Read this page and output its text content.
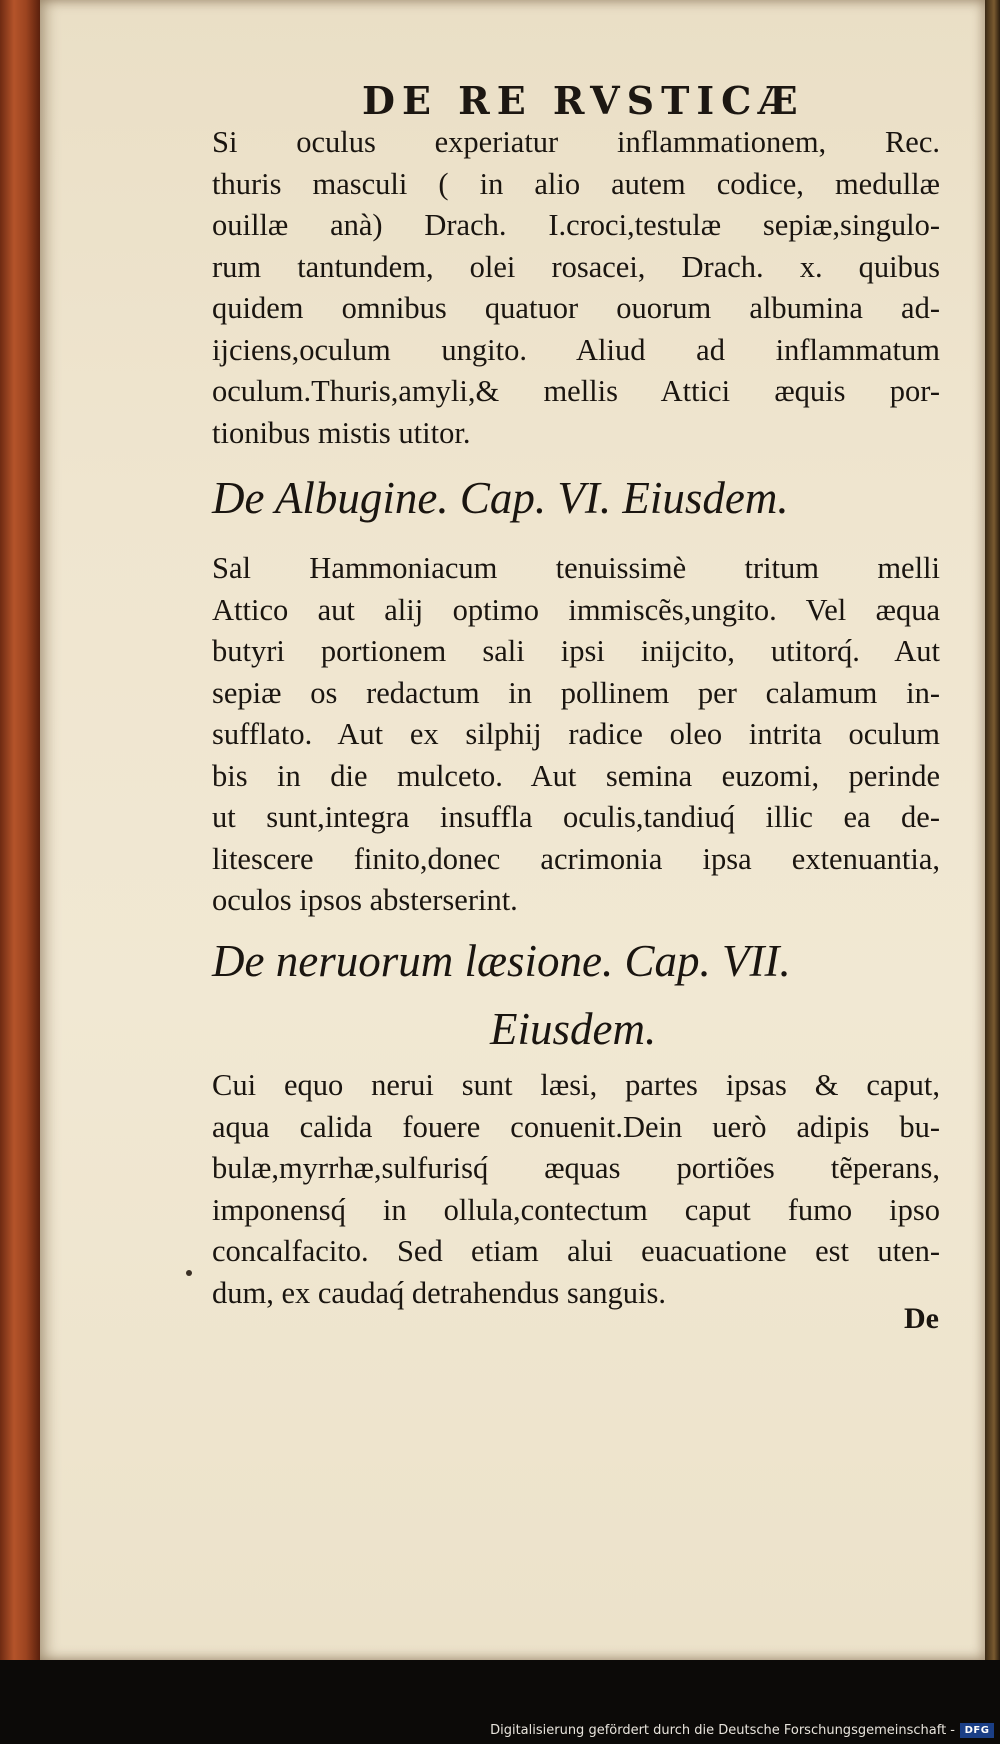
DE RE RVSTICÆ
Si oculus experiatur inflammationem, Rec.
thuris masculi ( in alio autem codice, medullæ
ouillæ anà) Drach. I.croci,testulæ sepiæ,singulo-
rum tantundem, olei rosacei, Drach. x. quibus
quidem omnibus quatuor ouorum albumina ad-
ijciens,oculum ungito. Aliud ad inflammatum
oculum.Thuris,amyli,& mellis Attici æquis por-
tionibus mistis utitor.
De Albugine. Cap. VI. Eiusdem.
Sal Hammoniacum tenuissimè tritum melli
Attico aut alij optimo immiscẽs,ungito. Vel æqua
butyri portionem sali ipsi inijcito, utitorq́. Aut
sepiæ os redactum in pollinem per calamum in-
sufflato. Aut ex silphij radice oleo intrita oculum
bis in die mulceto. Aut semina euzomi, perinde
ut sunt,integra insuffla oculis,tandiuq́ illic ea de-
litescere finito,donec acrimonia ipsa extenuantia,
oculos ipsos absterserint.
De neruorum læsione. Cap. VII.
Eiusdem.
Cui equo nerui sunt læsi, partes ipsas & caput,
aqua calida fouere conuenit.Dein uerò adipis bu-
bulæ,myrrhæ,sulfurisq́ æquas portiões tẽperans,
imponensq́ in ollula,contectum caput fumo ipso
concalfacito. Sed etiam alui euacuatione est uten-
dum, ex caudaq́ detrahendus sanguis.
De
Digitalisierung gefördert durch die Deutsche Forschungsgemeinschaft - DFG
